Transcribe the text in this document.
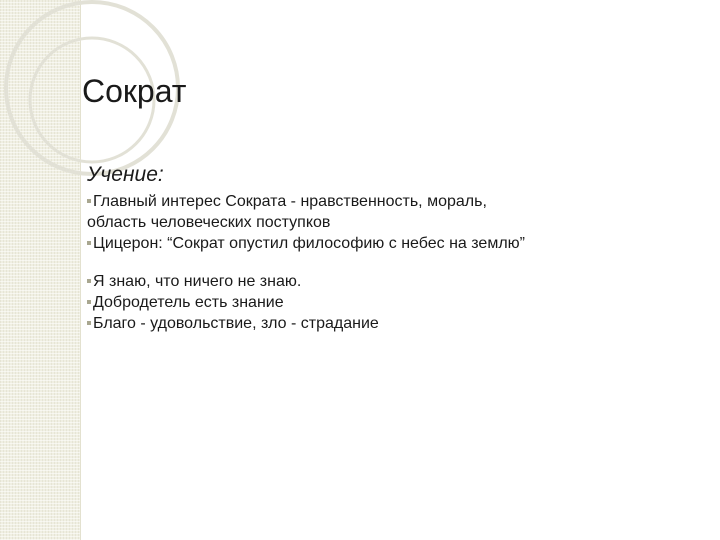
Сократ
Учение:
Главный интерес Сократа - нравственность, мораль,
область человеческих поступков
Цицерон: “Сократ опустил философию с небес на землю”
Я знаю, что ничего не знаю.
Добродетель есть знание
Благо - удовольствие, зло - страдание
